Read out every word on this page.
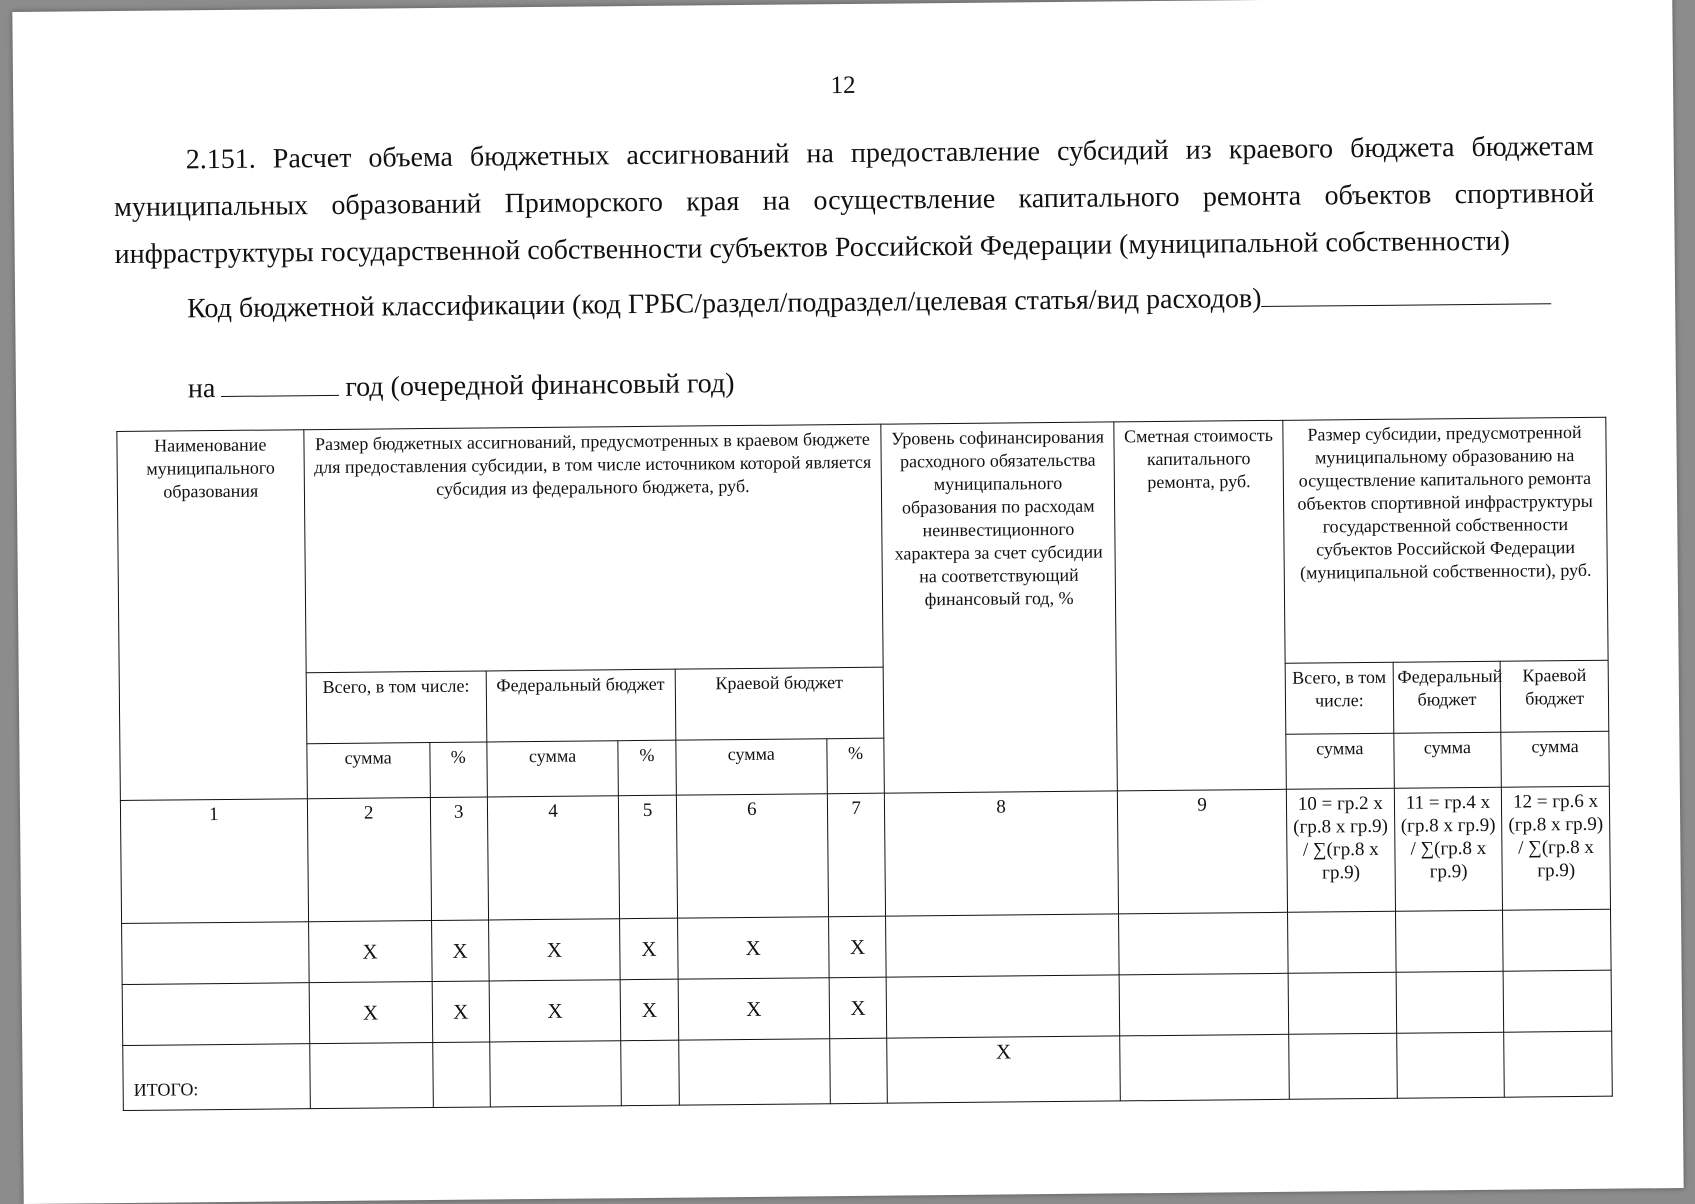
12
2.151. Расчет объема бюджетных ассигнований на предоставление субсидий из краевого бюджета бюджетам муниципальных образований Приморского края на осуществление капитального ремонта объектов спортивной инфраструктуры государственной собственности субъектов Российской Федерации (муниципальной собственности)
Код бюджетной классификации (код ГРБС/раздел/подраздел/целевая статья/вид расходов)
на	год (очередной финансовый год)
Наименование муниципального образования	Размер бюджетных ассигнований, предусмотренных в краевом бюджете для предоставления субсидии, в том числе источником которой является субсидия из федерального бюджета, руб.						Уровень софинансирования расходного обязательства муниципального образования по расходам неинвестиционного характера за счет субсидии на соответствующий финансовый год, %	Сметная стоимость капитального ремонта, руб.	Размер субсидии, предусмотренной муниципальному образованию на осуществление капитального ремонта объектов спортивной инфраструктуры государственной собственности субъектов Российской Федерации (муниципальной собственности), руб.		
	Всего, в том числе:		Федеральный бюджет		Краевой бюджет				Всего, в том числе:	Федеральный бюджет	Краевой бюджет
	сумма	%	сумма	%	сумма	%			сумма	сумма	сумма
1	2	3	4	5	6	7	8	9	10 = гр.2 х (гр.8 х гр.9) / ∑(гр.8 х гр.9)	11 = гр.4 х (гр.8 х гр.9) / ∑(гр.8 х гр.9)	12 = гр.6 х (гр.8 х гр.9) / ∑(гр.8 х гр.9)
	Х	Х	Х	Х	Х	Х					
	Х	Х	Х	Х	Х	Х					
ИТОГО:							Х				
